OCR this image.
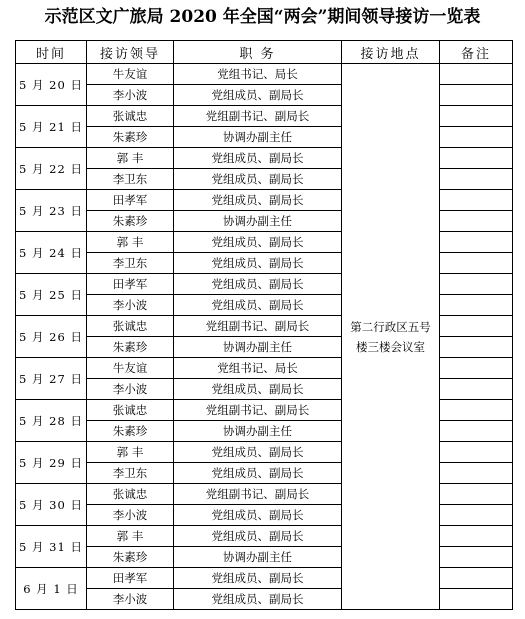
示范区文广旅局 2020 年全国“两会”期间领导接访一览表
时间	接访领导	职 务	接访地点	备注
5 月 20 日	牛友谊	党组书记、局长	第二行政区五号楼三楼会议室	
	李小波	党组成员、副局长		
5 月 21 日	张诚忠	党组副书记、副局长		
	朱素珍	协调办副主任		
5 月 22 日	郭 丰	党组成员、副局长		
	李卫东	党组成员、副局长		
5 月 23 日	田孝军	党组成员、副局长		
	朱素珍	协调办副主任		
5 月 24 日	郭 丰	党组成员、副局长		
	李卫东	党组成员、副局长		
5 月 25 日	田孝军	党组成员、副局长		
	李小波	党组成员、副局长		
5 月 26 日	张诚忠	党组副书记、副局长		
	朱素珍	协调办副主任		
5 月 27 日	牛友谊	党组书记、局长		
	李小波	党组成员、副局长		
5 月 28 日	张诚忠	党组副书记、副局长		
	朱素珍	协调办副主任		
5 月 29 日	郭 丰	党组成员、副局长		
	李卫东	党组成员、副局长		
5 月 30 日	张诚忠	党组副书记、副局长		
	李小波	党组成员、副局长		
5 月 31 日	郭 丰	党组成员、副局长		
	朱素珍	协调办副主任		
6 月 1 日	田孝军	党组成员、副局长		
	李小波	党组成员、副局长		
